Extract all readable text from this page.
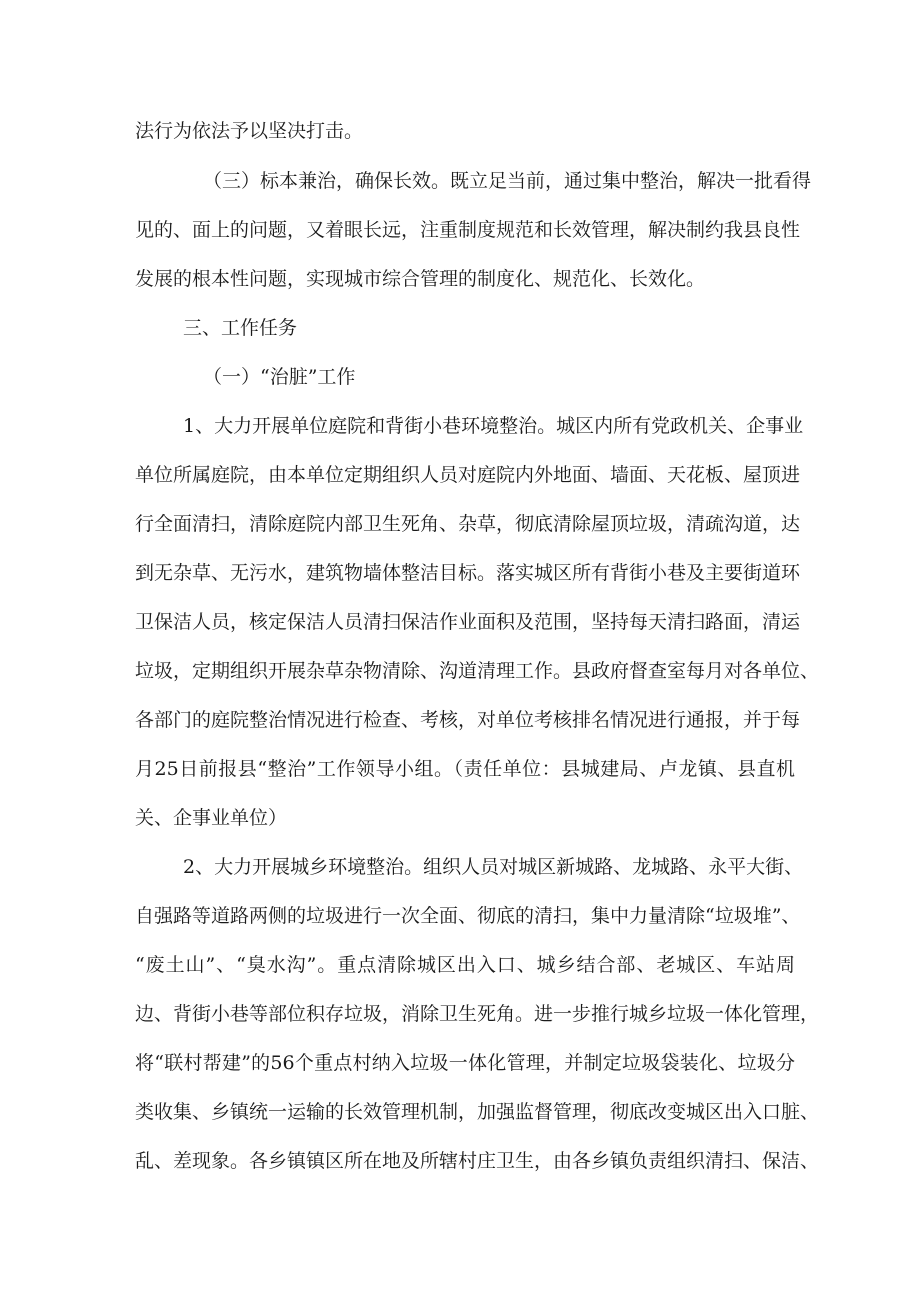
法行为依法予以坚决打击。

（三）标本兼治，确保长效。既立足当前，通过集中整治，解决一批看得

见的、面上的问题，又着眼长远，注重制度规范和长效管理，解决制约我县良性

发展的根本性问题，实现城市综合管理的制度化、规范化、长效化。

三、工作任务

（一）“治脏”工作

1、大力开展单位庭院和背街小巷环境整治。城区内所有党政机关、企事业

单位所属庭院，由本单位定期组织人员对庭院内外地面、墙面、天花板、屋顶进

行全面清扫，清除庭院内部卫生死角、杂草，彻底清除屋顶垃圾，清疏沟道，达

到无杂草、无污水，建筑物墙体整洁目标。落实城区所有背街小巷及主要街道环

卫保洁人员，核定保洁人员清扫保洁作业面积及范围，坚持每天清扫路面，清运

垃圾，定期组织开展杂草杂物清除、沟道清理工作。县政府督查室每月对各单位、

各部门的庭院整治情况进行检查、考核，对单位考核排名情况进行通报，并于每

月25日前报县“整治”工作领导小组。（责任单位：县城建局、卢龙镇、县直机

关、企事业单位）

2、大力开展城乡环境整治。组织人员对城区新城路、龙城路、永平大街、

自强路等道路两侧的垃圾进行一次全面、彻底的清扫，集中力量清除“垃圾堆”、

“废土山”、“臭水沟”。重点清除城区出入口、城乡结合部、老城区、车站周

边、背街小巷等部位积存垃圾，消除卫生死角。进一步推行城乡垃圾一体化管理，

将“联村帮建”的56个重点村纳入垃圾一体化管理，并制定垃圾袋装化、垃圾分

类收集、乡镇统一运输的长效管理机制，加强监督管理，彻底改变城区出入口脏、

乱、差现象。各乡镇镇区所在地及所辖村庄卫生，由各乡镇负责组织清扫、保洁、
